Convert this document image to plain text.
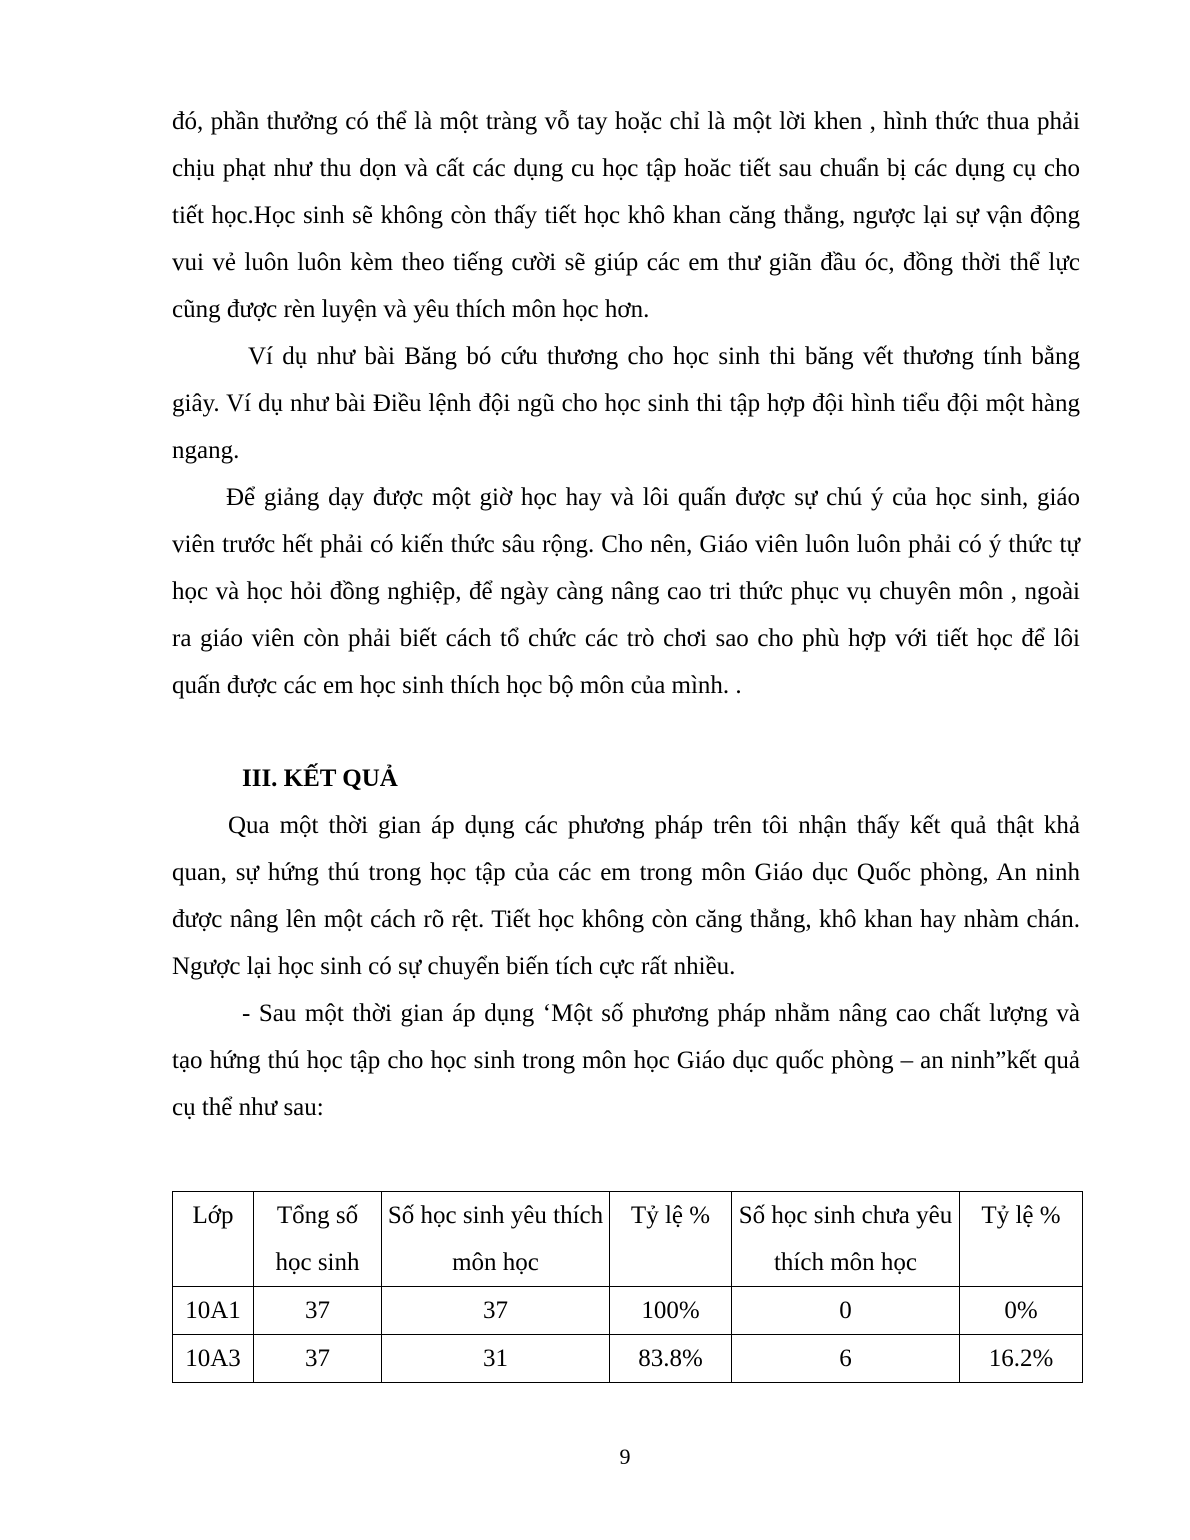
đó, phần thưởng có thể là một tràng vỗ tay hoặc chỉ là một lời khen , hình thức thua phải chịu phạt như thu dọn và cất các dụng cu học tập hoăc tiết sau chuẩn bị các dụng cụ cho tiết học.Học sinh sẽ không còn thấy tiết học khô khan căng thẳng, ngược lại sự vận động vui vẻ luôn luôn kèm theo tiếng cười sẽ giúp các em thư giãn đầu óc, đồng thời thể lực cũng được rèn luyện và yêu thích môn học hơn.

Ví dụ như bài Băng bó cứu thương cho học sinh thi băng vết thương tính bằng giây. Ví dụ như bài Điều lệnh đội ngũ cho học sinh thi tập hợp đội hình tiểu đội một hàng ngang.

Để giảng dạy được một giờ học hay và lôi quấn được sự chú ý của học sinh, giáo viên trước hết phải có kiến thức sâu rộng. Cho nên, Giáo viên luôn luôn phải có ý thức tự học và học hỏi đồng nghiệp, để ngày càng nâng cao tri thức phục vụ chuyên môn , ngoài ra giáo viên còn phải biết cách tổ chức các trò chơi sao cho phù hợp với tiết học để lôi quấn được các em học sinh thích học bộ môn của mình. .

III. KẾT QUẢ

Qua một thời gian áp dụng các phương pháp trên tôi nhận thấy kết quả thật khả quan, sự hứng thú trong học tập của các em trong môn Giáo dục Quốc phòng, An ninh được nâng lên một cách rõ rệt. Tiết học không còn căng thẳng, khô khan hay nhàm chán. Ngược lại học sinh có sự chuyển biến tích cực rất nhiều.

- Sau một thời gian áp dụng ‘Một số phương pháp nhằm nâng cao chất lượng và tạo hứng thú học tập cho học sinh trong môn học Giáo dục quốc phòng – an ninh”kết quả cụ thể như sau:

Lớp	Tổng số học sinh	Số học sinh yêu thích môn học	Tỷ lệ %	Số học sinh chưa yêu thích môn học	Tỷ lệ %
10A1	37	37	100%	0	0%
10A3	37	31	83.8%	6	16.2%
9
